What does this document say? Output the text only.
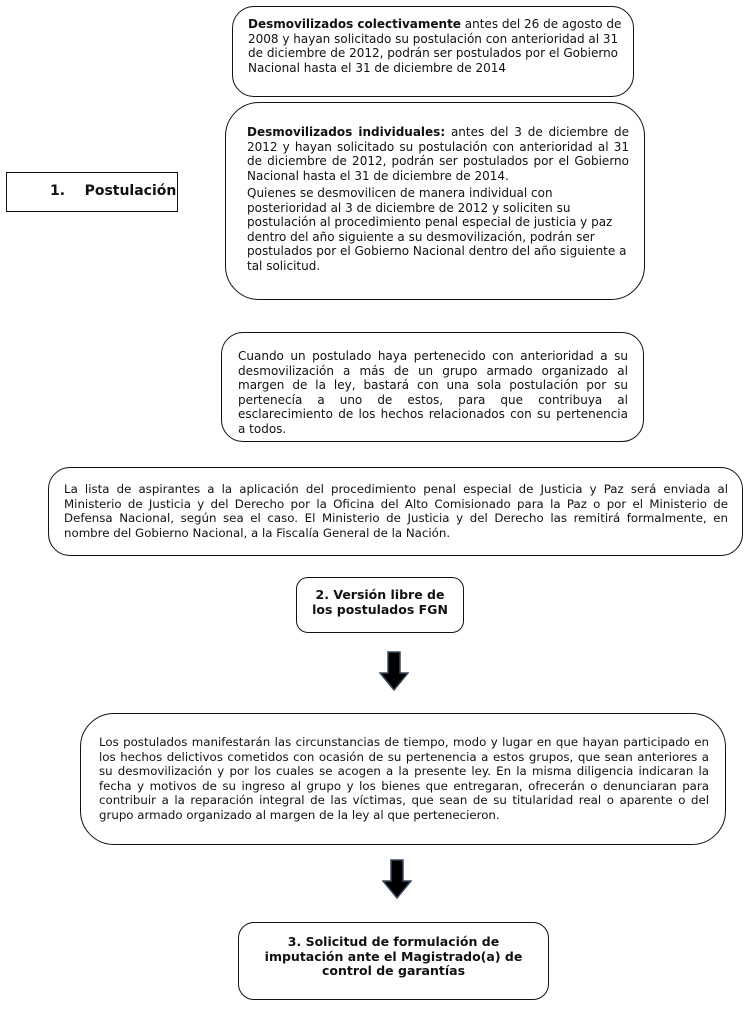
Desmovilizados colectivamente antes del 26 de agosto de 2008 y hayan solicitado su postulación con anterioridad al 31 de diciembre de 2012, podrán ser postulados por el Gobierno Nacional hasta el 31 de diciembre de 2014
Desmovilizados individuales: antes del 3 de diciembre de 2012 y hayan solicitado su postulación con anterioridad al 31 de diciembre de 2012, podrán ser postulados por el Gobierno Nacional hasta el 31 de diciembre de 2014.
Quienes se desmovilicen de manera individual con posterioridad al 3 de diciembre de 2012 y soliciten su postulación al procedimiento penal especial de justicia y paz dentro del año siguiente a su desmovilización, podrán ser postulados por el Gobierno Nacional dentro del año siguiente a tal solicitud.
1. Postulación
Cuando un postulado haya pertenecido con anterioridad a su desmovilización a más de un grupo armado organizado al margen de la ley, bastará con una sola postulación por su pertenecía a uno de estos, para que contribuya al esclarecimiento de los hechos relacionados con su pertenencia a todos.
La lista de aspirantes a la aplicación del procedimiento penal especial de Justicia y Paz será enviada al Ministerio de Justicia y del Derecho por la Oficina del Alto Comisionado para la Paz o por el Ministerio de Defensa Nacional, según sea el caso. El Ministerio de Justicia y del Derecho las remitirá formalmente, en nombre del Gobierno Nacional, a la Fiscalía General de la Nación.
2. Versión libre de los postulados FGN
Los postulados manifestarán las circunstancias de tiempo, modo y lugar en que hayan participado en los hechos delictivos cometidos con ocasión de su pertenencia a estos grupos, que sean anteriores a su desmovilización y por los cuales se acogen a la presente ley. En la misma diligencia indicaran la fecha y motivos de su ingreso al grupo y los bienes que entregaran, ofrecerán o denunciaran para contribuir a la reparación integral de las víctimas, que sean de su titularidad real o aparente o del grupo armado organizado al margen de la ley al que pertenecieron.
3. Solicitud de formulación de imputación ante el Magistrado(a) de control de garantías
